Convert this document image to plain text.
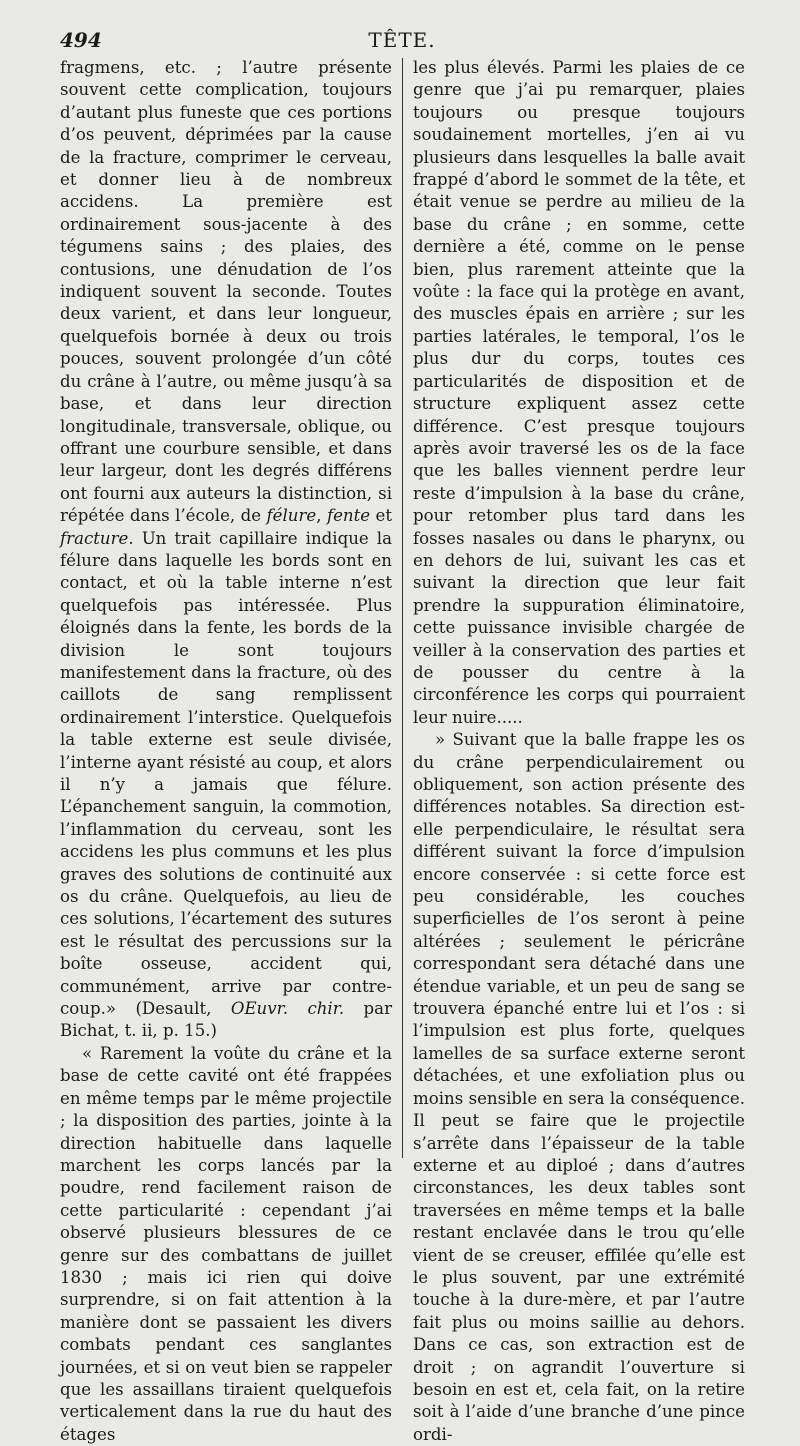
494	TÊTE.

fragmens, etc. ; l’autre présente souvent cette complication, toujours d’autant plus funeste que ces portions d’os peuvent, déprimées par la cause de la fracture, comprimer le cerveau, et donner lieu à de nombreux accidens. La première est ordinairement sous-jacente à des tégumens sains ; des plaies, des contusions, une dénudation de l’os indiquent souvent la seconde. Toutes deux varient, et dans leur longueur, quelquefois bornée à deux ou trois pouces, souvent prolongée d’un côté du crâne à l’autre, ou même jusqu’à sa base, et dans leur direction longitudinale, transversale, oblique, ou offrant une courbure sensible, et dans leur largeur, dont les degrés différens ont fourni aux auteurs la distinction, si répétée dans l’école, de félure, fente et fracture. Un trait capillaire indique la félure dans laquelle les bords sont en contact, et où la table interne n’est quelquefois pas intéressée. Plus éloignés dans la fente, les bords de la division le sont toujours manifestement dans la fracture, où des caillots de sang remplissent ordinairement l’interstice. Quelquefois la table externe est seule divisée, l’interne ayant résisté au coup, et alors il n’y a jamais que félure. L’épanchement sanguin, la commotion, l’inflammation du cerveau, sont les accidens les plus communs et les plus graves des solutions de continuité aux os du crâne. Quelquefois, au lieu de ces solutions, l’écartement des sutures est le résultat des percussions sur la boîte osseuse, accident qui, communément, arrive par contre-coup.» (Desault, OEuvr. chir. par Bichat, t. ii, p. 15.)

« Rarement la voûte du crâne et la base de cette cavité ont été frappées en même temps par le même projectile ; la disposition des parties, jointe à la direction habituelle dans laquelle marchent les corps lancés par la poudre, rend facilement raison de cette particularité : cependant j’ai observé plusieurs blessures de ce genre sur des combattans de juillet 1830 ; mais ici rien qui doive surprendre, si on fait attention à la manière dont se passaient les divers combats pendant ces sanglantes journées, et si on veut bien se rappeler que les assaillans tiraient quelquefois verticalement dans la rue du haut des étages

les plus élevés. Parmi les plaies de ce genre que j’ai pu remarquer, plaies toujours ou presque toujours soudainement mortelles, j’en ai vu plusieurs dans lesquelles la balle avait frappé d’abord le sommet de la tête, et était venue se perdre au milieu de la base du crâne ; en somme, cette dernière a été, comme on le pense bien, plus rarement atteinte que la voûte : la face qui la protège en avant, des muscles épais en arrière ; sur les parties latérales, le temporal, l’os le plus dur du corps, toutes ces particularités de disposition et de structure expliquent assez cette différence. C’est presque toujours après avoir traversé les os de la face que les balles viennent perdre leur reste d’impulsion à la base du crâne, pour retomber plus tard dans les fosses nasales ou dans le pharynx, ou en dehors de lui, suivant les cas et suivant la direction que leur fait prendre la suppuration éliminatoire, cette puissance invisible chargée de veiller à la conservation des parties et de pousser du centre à la circonférence les corps qui pourraient leur nuire.....

» Suivant que la balle frappe les os du crâne perpendiculairement ou obliquement, son action présente des différences notables. Sa direction est-elle perpendiculaire, le résultat sera différent suivant la force d’impulsion encore conservée : si cette force est peu considérable, les couches superficielles de l’os seront à peine altérées ; seulement le péricrâne correspondant sera détaché dans une étendue variable, et un peu de sang se trouvera épanché entre lui et l’os : si l’impulsion est plus forte, quelques lamelles de sa surface externe seront détachées, et une exfoliation plus ou moins sensible en sera la conséquence. Il peut se faire que le projectile s’arrête dans l’épaisseur de la table externe et au diploé ; dans d’autres circonstances, les deux tables sont traversées en même temps et la balle restant enclavée dans le trou qu’elle vient de se creuser, effilée qu’elle est le plus souvent, par une extrémité touche à la dure-mère, et par l’autre fait plus ou moins saillie au dehors. Dans ce cas, son extraction est de droit ; on agrandit l’ouverture si besoin en est et, cela fait, on la retire soit à l’aide d’une branche d’une pince ordi-
